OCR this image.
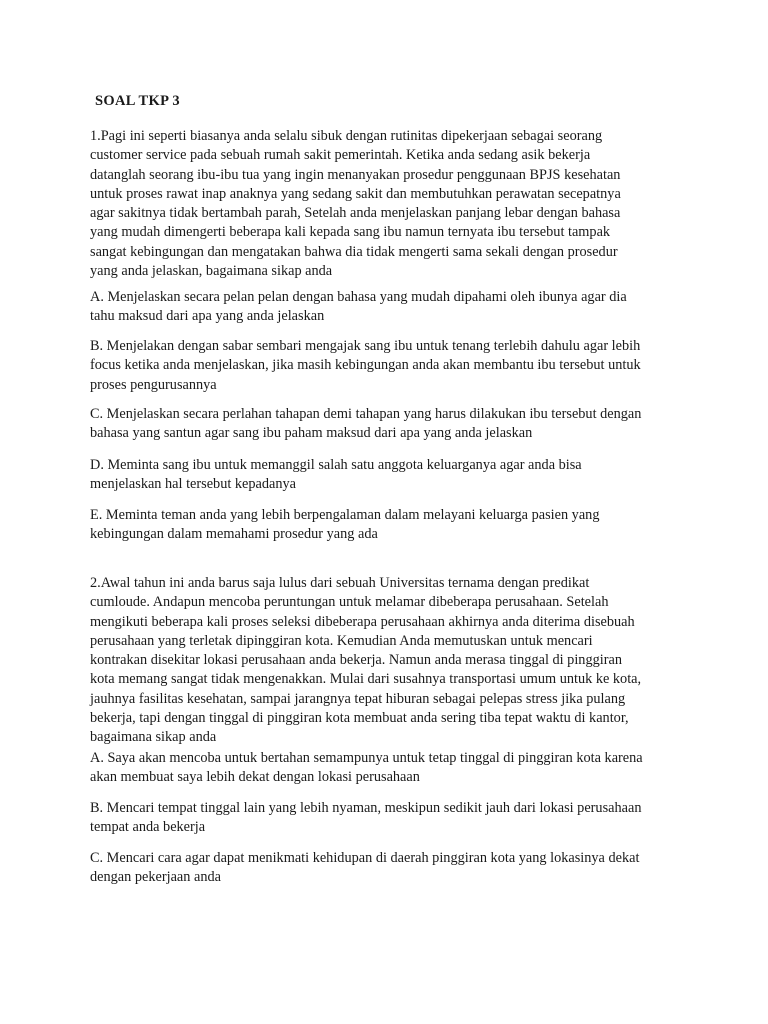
SOAL TKP 3

1.Pagi ini seperti biasanya anda selalu sibuk dengan rutinitas dipekerjaan sebagai seorang
customer service pada sebuah rumah sakit pemerintah. Ketika anda sedang asik bekerja
datanglah seorang ibu-ibu tua yang ingin menanyakan prosedur penggunaan BPJS kesehatan
untuk proses rawat inap anaknya yang sedang sakit dan membutuhkan perawatan secepatnya
agar sakitnya tidak bertambah parah, Setelah anda menjelaskan panjang lebar dengan bahasa
yang mudah dimengerti beberapa kali kepada sang ibu namun ternyata ibu tersebut tampak
sangat kebingungan dan mengatakan bahwa dia tidak mengerti sama sekali dengan prosedur
yang anda jelaskan, bagaimana sikap anda

A. Menjelaskan secara pelan pelan dengan bahasa yang mudah dipahami oleh ibunya agar dia
tahu maksud dari apa yang anda jelaskan

B. Menjelakan dengan sabar sembari mengajak sang ibu untuk tenang terlebih dahulu agar lebih
focus ketika anda menjelaskan, jika masih kebingungan anda akan membantu ibu tersebut untuk
proses pengurusannya

C. Menjelaskan secara perlahan tahapan demi tahapan yang harus dilakukan ibu tersebut dengan
bahasa yang santun agar sang ibu paham maksud dari apa yang anda jelaskan

D. Meminta sang ibu untuk memanggil salah satu anggota keluarganya agar anda bisa
menjelaskan hal tersebut kepadanya

E. Meminta teman anda yang lebih berpengalaman dalam melayani keluarga pasien yang
kebingungan dalam memahami prosedur yang ada

2.Awal tahun ini anda barus saja lulus dari sebuah Universitas ternama dengan predikat
cumloude. Andapun mencoba peruntungan untuk melamar dibeberapa perusahaan. Setelah
mengikuti beberapa kali proses seleksi dibeberapa perusahaan akhirnya anda diterima disebuah
perusahaan yang terletak dipinggiran kota. Kemudian Anda memutuskan untuk mencari
kontrakan disekitar lokasi perusahaan anda bekerja. Namun anda merasa tinggal di pinggiran
kota memang sangat tidak mengenakkan. Mulai dari susahnya transportasi umum untuk ke kota,
jauhnya fasilitas kesehatan, sampai jarangnya tepat hiburan sebagai pelepas stress jika pulang
bekerja, tapi dengan tinggal di pinggiran kota membuat anda sering tiba tepat waktu di kantor,
bagaimana sikap anda

A. Saya akan mencoba untuk bertahan semampunya untuk tetap tinggal di pinggiran kota karena
akan membuat saya lebih dekat dengan lokasi perusahaan

B. Mencari tempat tinggal lain yang lebih nyaman, meskipun sedikit jauh dari lokasi perusahaan
tempat anda bekerja

C. Mencari cara agar dapat menikmati kehidupan di daerah pinggiran kota yang lokasinya dekat
dengan pekerjaan anda
